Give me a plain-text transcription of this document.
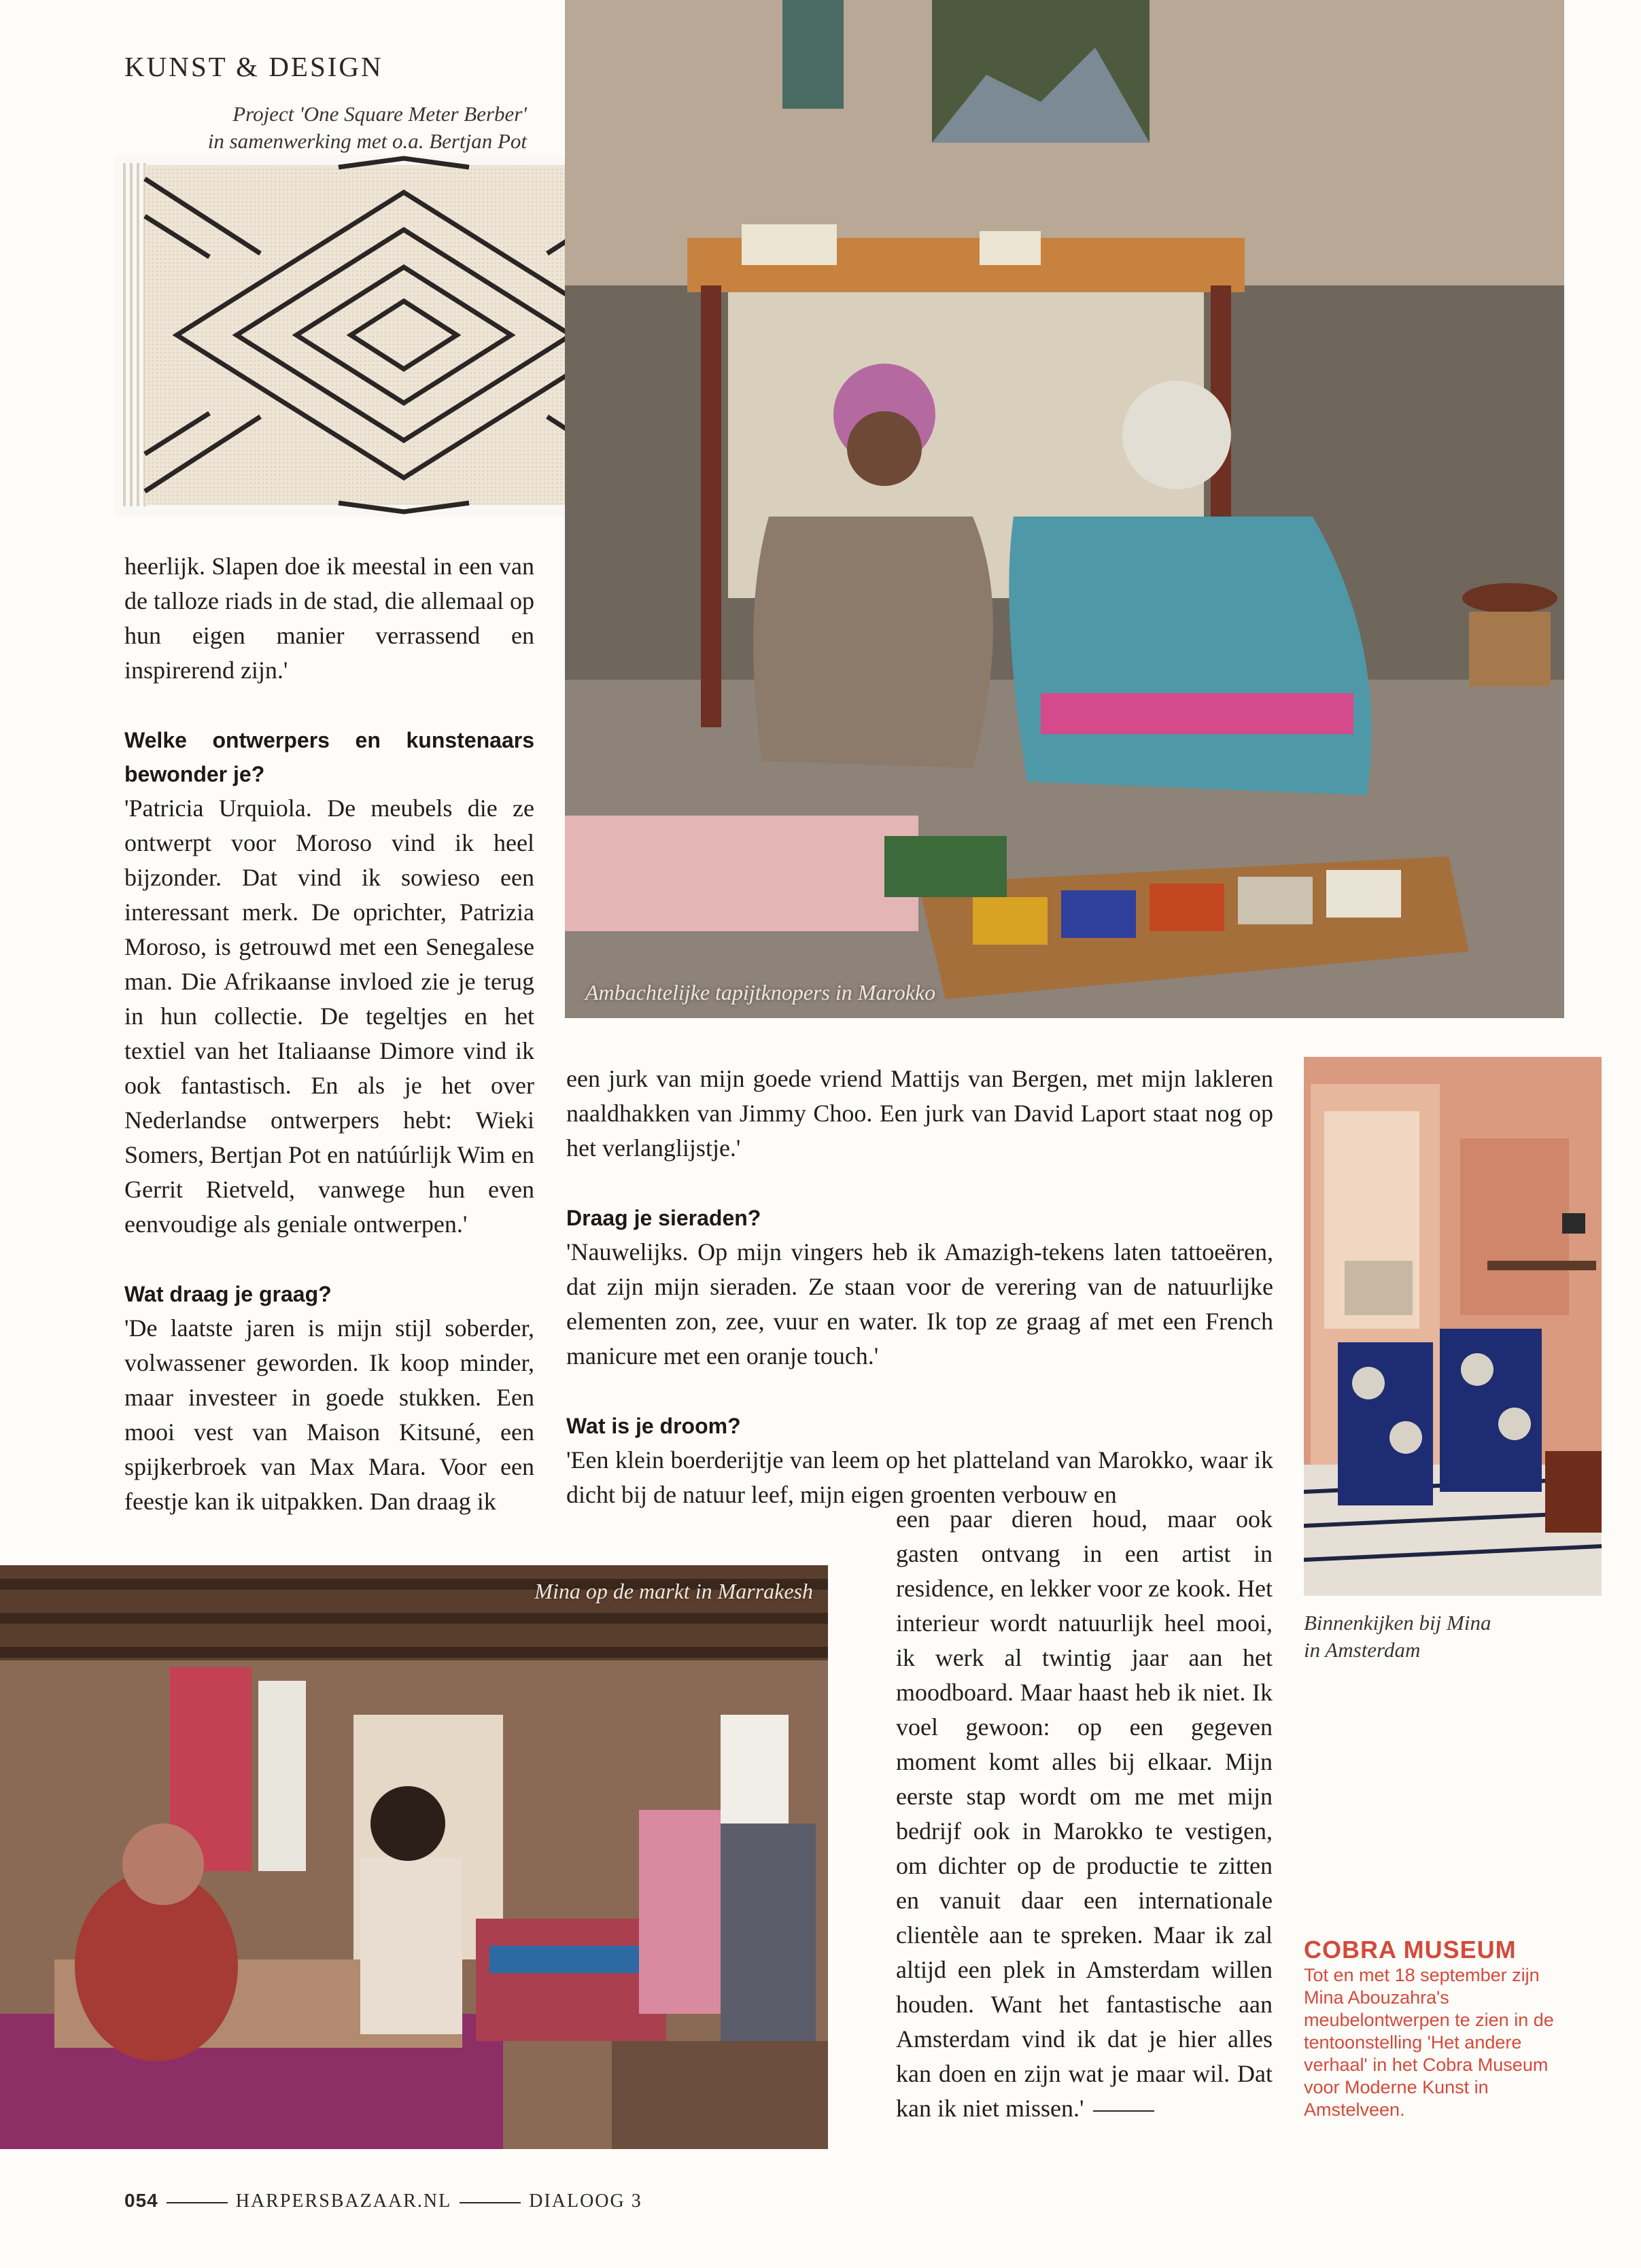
KUNST & DESIGN
Project 'One Square Meter Berber'
in samenwerking met o.a. Bertjan Pot
Ambachtelijke tapijtknopers in Marokko

heerlijk. Slapen doe ik meestal in een van de talloze riads in de stad, die allemaal op hun eigen manier verrassend en inspirerend zijn.'

Welke ontwerpers en kunstenaars bewonder je?

'Patricia Urquiola. De meubels die ze ontwerpt voor Moroso vind ik heel bijzonder. Dat vind ik sowieso een interessant merk. De oprichter, Patrizia Moroso, is getrouwd met een Senegalese man. Die Afrikaanse invloed zie je terug in hun collectie. De tegeltjes en het textiel van het Italiaanse Dimore vind ik ook fantastisch. En als je het over Nederlandse ontwerpers hebt: Wieki Somers, Bertjan Pot en natúúrlijk Wim en Gerrit Rietveld, vanwege hun even eenvoudige als geniale ontwerpen.'

Wat draag je graag?

'De laatste jaren is mijn stijl soberder, volwassener geworden. Ik koop minder, maar investeer in goede stukken. Een mooi vest van Maison Kitsuné, een spijkerbroek van Max Mara. Voor een feestje kan ik uitpakken. Dan draag ik

een jurk van mijn goede vriend Mattijs van Bergen, met mijn lakleren naaldhakken van Jimmy Choo. Een jurk van David Laport staat nog op het verlanglijstje.'

Draag je sieraden?

'Nauwelijks. Op mijn vingers heb ik Amazigh-tekens laten tattoeëren, dat zijn mijn sieraden. Ze staan voor de verering van de natuurlijke elementen zon, zee, vuur en water. Ik top ze graag af met een French manicure met een oranje touch.'

Wat is je droom?

'Een klein boerderijtje van leem op het platteland van Marokko, waar ik dicht bij de natuur leef, mijn eigen groenten verbouw en

een paar dieren houd, maar ook gasten ontvang in een artist in residence, en lekker voor ze kook. Het interieur wordt natuurlijk heel mooi, ik werk al twintig jaar aan het moodboard. Maar haast heb ik niet. Ik voel gewoon: op een gegeven moment komt alles bij elkaar. Mijn eerste stap wordt om me met mijn bedrijf ook in Marokko te vestigen, om dichter op de productie te zitten en vanuit daar een internationale clientèle aan te spreken. Maar ik zal altijd een plek in Amsterdam willen houden. Want het fantastische aan Amsterdam vind ik dat je hier alles kan doen en zijn wat je maar wil. Dat kan ik niet missen.'

Mina op de markt in Marrakesh
Binnenkijken bij Mina
in Amsterdam
COBRA MUSEUM
Tot en met 18 september zijn Mina Abouzahra's meubelontwerpen te zien in de tentoonstelling 'Het andere verhaal' in het Cobra Museum voor Moderne Kunst in Amstelveen.
054	HARPERSBAZAAR.NL	DIALOOG 3
